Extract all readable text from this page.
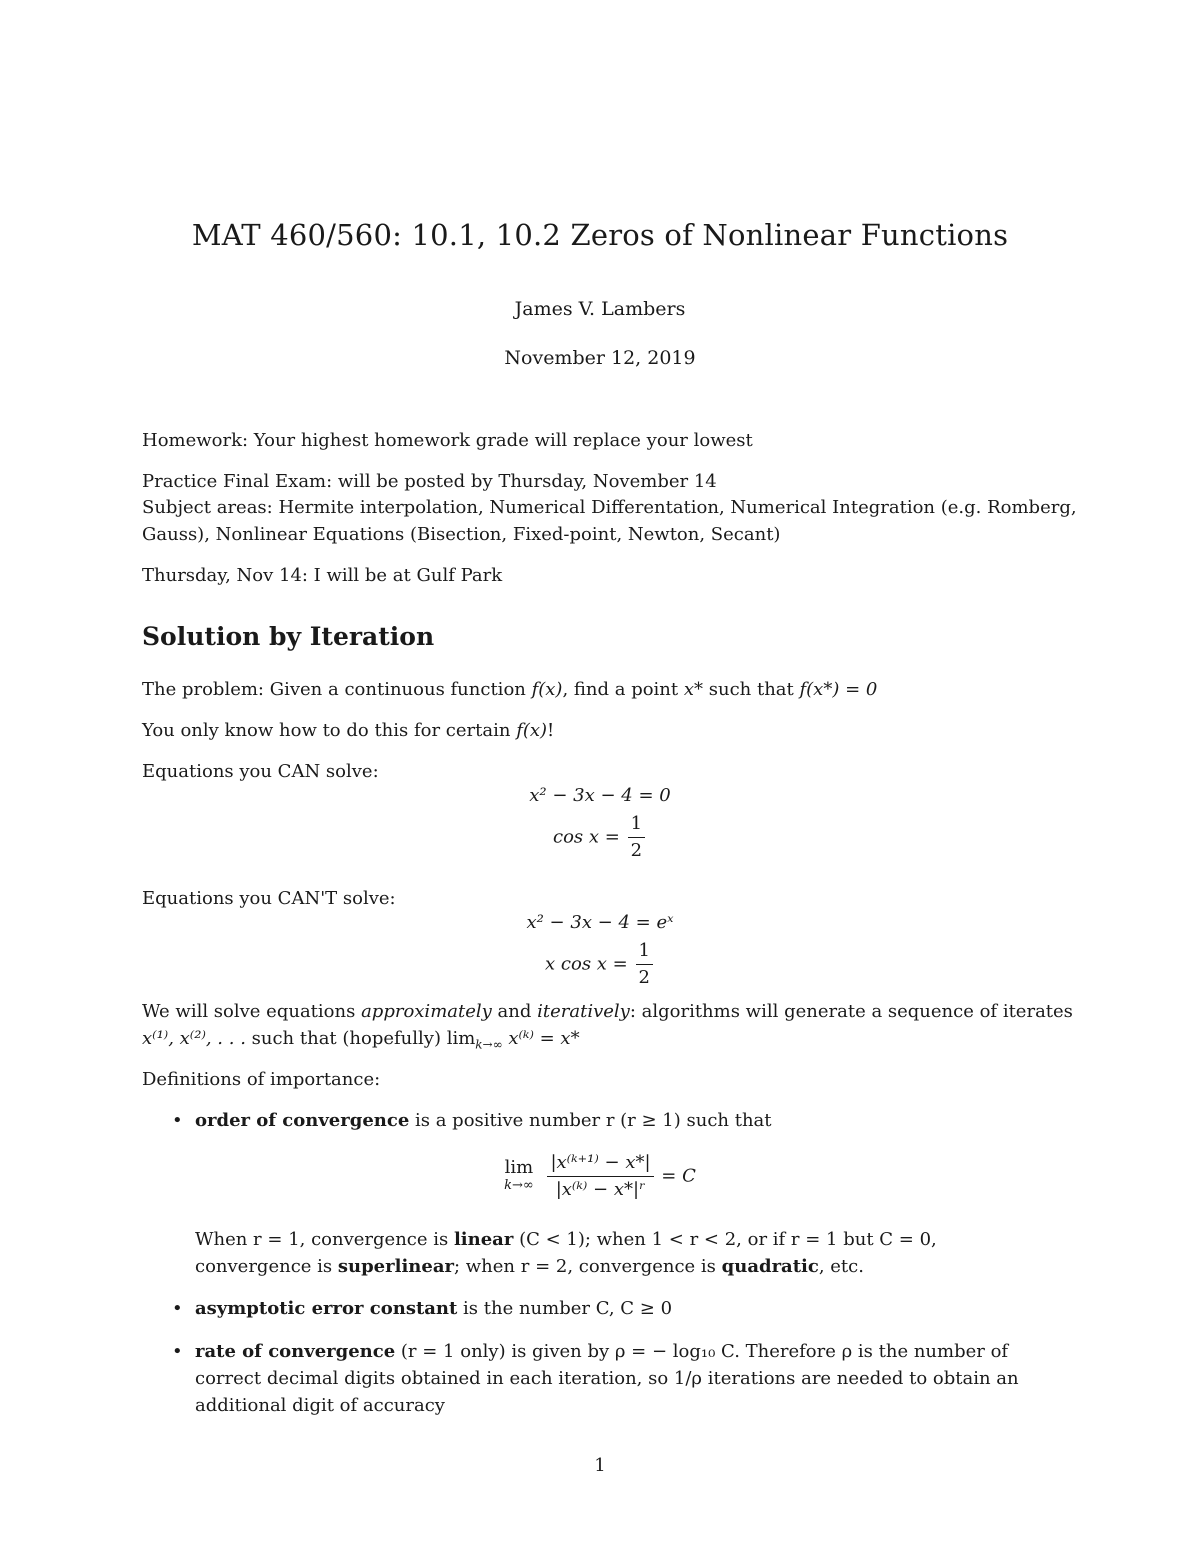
MAT 460/560: 10.1, 10.2 Zeros of Nonlinear Functions
James V. Lambers
November 12, 2019
Homework: Your highest homework grade will replace your lowest
Practice Final Exam: will be posted by Thursday, November 14
Subject areas: Hermite interpolation, Numerical Differentation, Numerical Integration (e.g. Romberg, Gauss), Nonlinear Equations (Bisection, Fixed-point, Newton, Secant)
Thursday, Nov 14: I will be at Gulf Park
Solution by Iteration
The problem: Given a continuous function f(x), find a point x* such that f(x*) = 0
You only know how to do this for certain f(x)!
Equations you CAN solve:
x² − 3x − 4 = 0
$\cos x = \frac{1}{2}$
Equations you CAN'T solve:
x² − 3x − 4 = eˣ
x $\cos x = \frac{1}{2}$
We will solve equations approximately and iteratively: algorithms will generate a sequence of iterates
x⁽¹⁾, x⁽²⁾, . . . such that (hopefully) $\lim_{k\to\infty}$ x⁽ᵏ⁾ = x*
Definitions of importance:
• order of convergence is a positive number r (r ≥ 1) such that
lim
k→∞
$\frac{\text{|x⁽ᵏ⁺¹⁾ − x*|}}{\text{|x⁽ᵏ⁾ − x*|ʳ}} = C$
When r = 1, convergence is linear (C < 1); when 1 < r < 2, or if r = 1 but C = 0,
convergence is superlinear; when r = 2, convergence is quadratic, etc.
• asymptotic error constant is the number C, C ≥ 0
• rate of convergence (r = 1 only) is given by ρ = − log₁₀ C. Therefore ρ is the number of
correct decimal digits obtained in each iteration, so 1/ρ iterations are needed to obtain an
additional digit of accuracy
1
